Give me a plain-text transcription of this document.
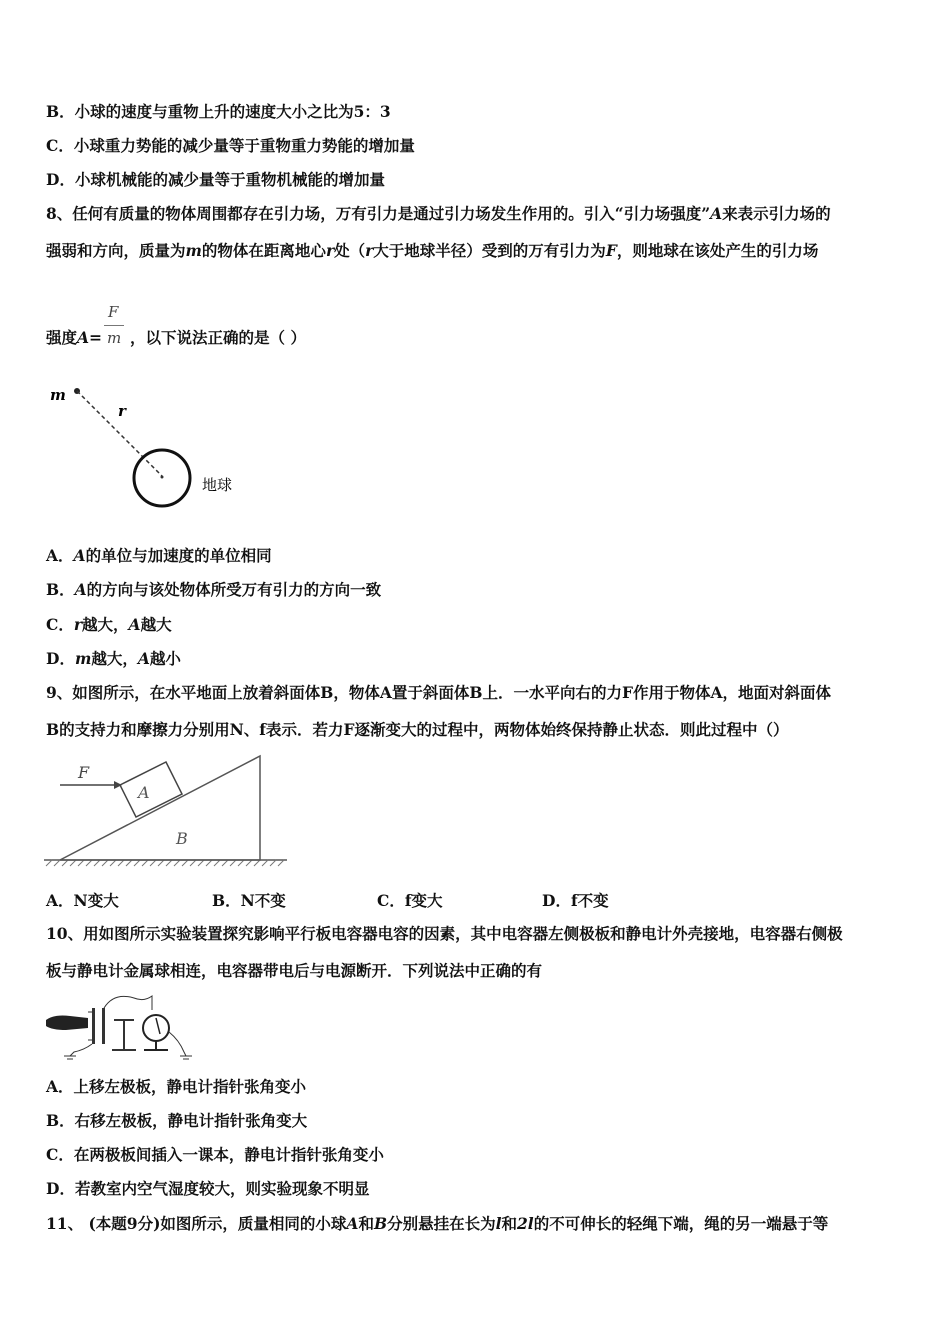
B．小球的速度与重物上升的速度大小之比为5：3
C．小球重力势能的减少量等于重物重力势能的增加量
D．小球机械能的减少量等于重物机械能的增加量
8、任何有质量的物体周围都存在引力场，万有引力是通过引力场发生作用的。引入“引力场强度”A来表示引力场的
强弱和方向，质量为m的物体在距离地心r处（r大于地球半径）受到的万有引力为F，则地球在该处产生的引力场
强度A= ，以下说法正确的是（ ）
F
m
m
r
地球
A．A的单位与加速度的单位相同
B．A的方向与该处物体所受万有引力的方向一致
C．r越大，A越大
D．m越大，A越小
9、如图所示，在水平地面上放着斜面体B，物体A置于斜面体B上．一水平向右的力F作用于物体A，地面对斜面体
B的支持力和摩擦力分别用N、f表示．若力F逐渐变大的过程中，两物体始终保持静止状态．则此过程中（）
F
A
B
A．N变大	B．N不变	C．f变大	D．f不变
10、用如图所示实验装置探究影响平行板电容器电容的因素，其中电容器左侧极板和静电计外壳接地，电容器右侧极
板与静电计金属球相连，电容器带电后与电源断开．下列说法中正确的有
A．上移左极板，静电计指针张角变小
B．右移左极板，静电计指针张角变大
C．在两极板间插入一课本，静电计指针张角变小
D．若教室内空气湿度较大，则实验现象不明显
11、 (本题9分)如图所示，质量相同的小球A和B分别悬挂在长为l和2l的不可伸长的轻绳下端，绳的另一端悬于等
